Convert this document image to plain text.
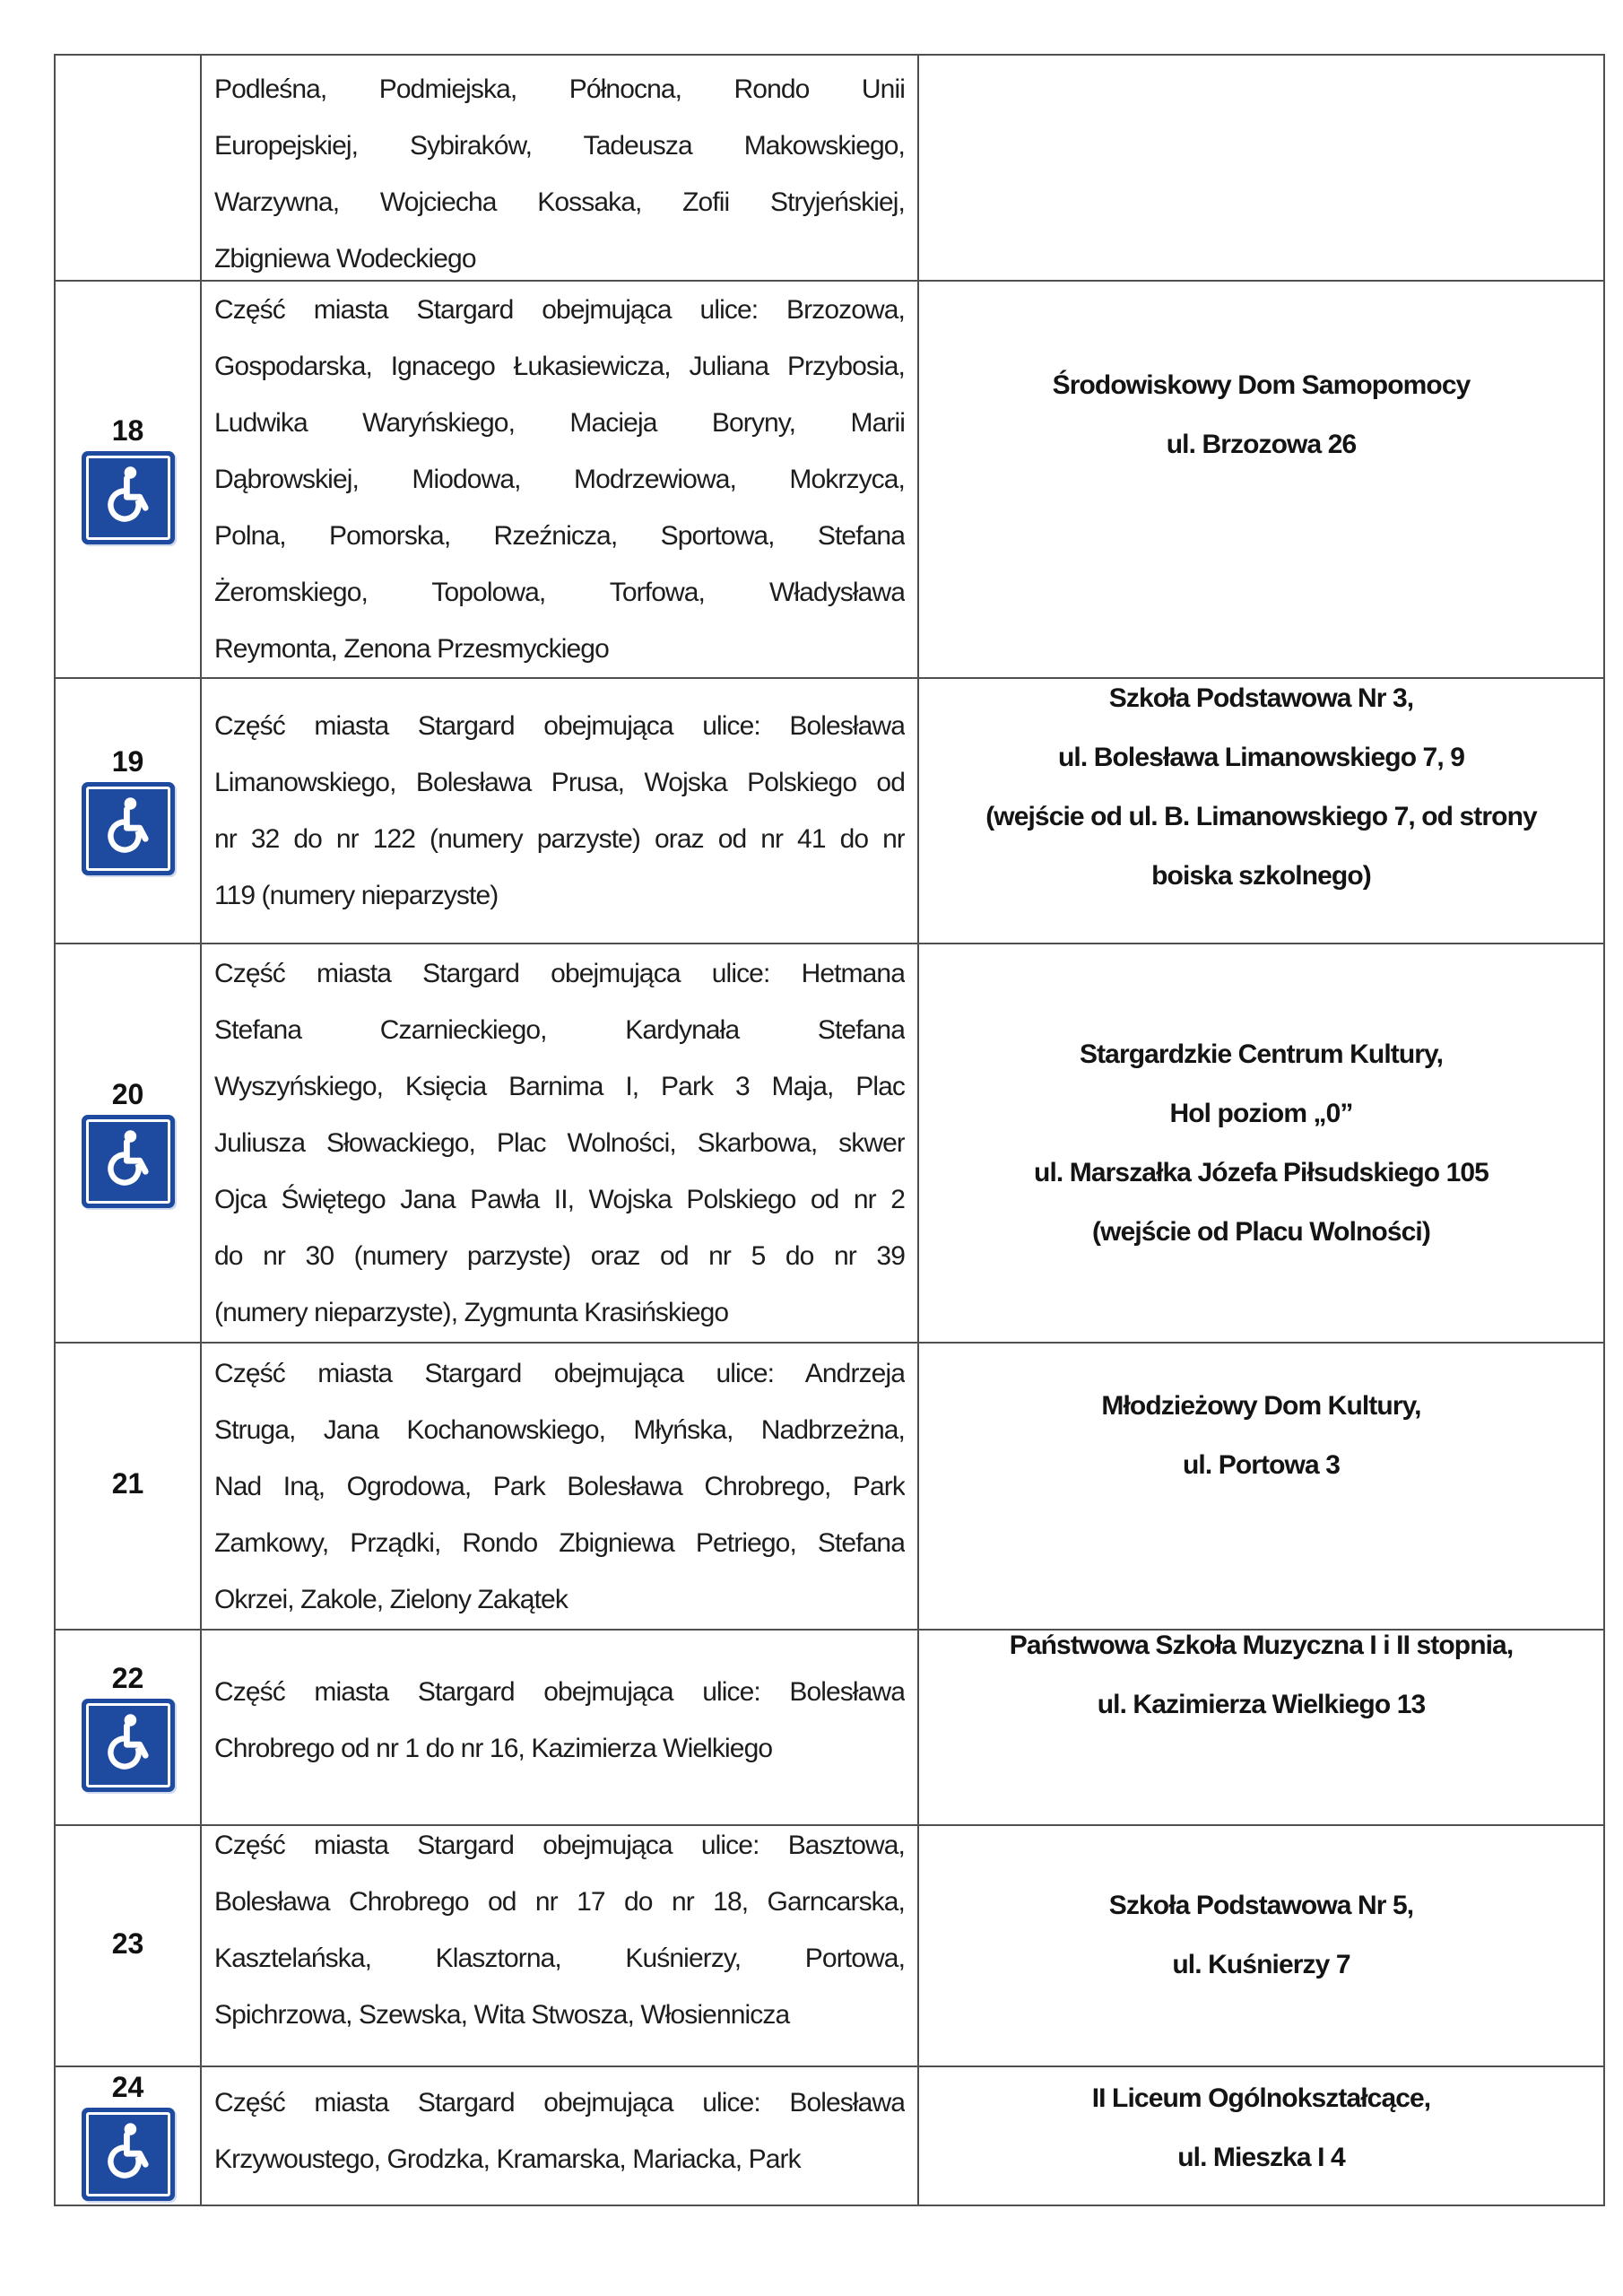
Podleśna, Podmiejska, Północna, Rondo Unii
Europejskiej, Sybiraków, Tadeusza Makowskiego,
Warzywna, Wojciecha Kossaka, Zofii Stryjeńskiej,
Zbigniewa Wodeckiego
18
Część miasta Stargard obejmująca ulice: Brzozowa,
Gospodarska, Ignacego Łukasiewicza, Juliana Przybosia,
Ludwika Waryńskiego, Macieja Boryny, Marii
Dąbrowskiej, Miodowa, Modrzewiowa, Mokrzyca,
Polna, Pomorska, Rzeźnicza, Sportowa, Stefana
Żeromskiego, Topolowa, Torfowa, Władysława
Reymonta, Zenona Przesmyckiego
Środowiskowy Dom Samopomocy
ul. Brzozowa 26
19
Część miasta Stargard obejmująca ulice: Bolesława
Limanowskiego, Bolesława Prusa, Wojska Polskiego od
nr 32 do nr 122 (numery parzyste) oraz od nr 41 do nr
119 (numery nieparzyste)
Szkoła Podstawowa Nr 3,
ul. Bolesława Limanowskiego 7, 9
(wejście od ul. B. Limanowskiego 7, od strony
boiska szkolnego)
20
Część miasta Stargard obejmująca ulice: Hetmana
Stefana Czarnieckiego, Kardynała Stefana
Wyszyńskiego, Księcia Barnima I, Park 3 Maja, Plac
Juliusza Słowackiego, Plac Wolności, Skarbowa, skwer
Ojca Świętego Jana Pawła II, Wojska Polskiego od nr 2
do nr 30 (numery parzyste) oraz od nr 5 do nr 39
(numery nieparzyste), Zygmunta Krasińskiego
Stargardzkie Centrum Kultury,
Hol poziom „0”
ul. Marszałka Józefa Piłsudskiego 105
(wejście od Placu Wolności)
21
Część miasta Stargard obejmująca ulice: Andrzeja
Struga, Jana Kochanowskiego, Młyńska, Nadbrzeżna,
Nad Iną, Ogrodowa, Park Bolesława Chrobrego, Park
Zamkowy, Prządki, Rondo Zbigniewa Petriego, Stefana
Okrzei, Zakole, Zielony Zakątek
Młodzieżowy Dom Kultury,
ul. Portowa 3
22	Część miasta Stargard obejmująca ulice: Bolesława
Chrobrego od nr 1 do nr 16, Kazimierza Wielkiego
Państwowa Szkoła Muzyczna I i II stopnia,
ul. Kazimierza Wielkiego 13
23
Część miasta Stargard obejmująca ulice: Basztowa,
Bolesława Chrobrego od nr 17 do nr 18, Garncarska,
Kasztelańska, Klasztorna, Kuśnierzy, Portowa,
Spichrzowa, Szewska, Wita Stwosza, Włosiennicza
Szkoła Podstawowa Nr 5,
ul. Kuśnierzy 7
24	Część miasta Stargard obejmująca ulice: Bolesława
Krzywoustego, Grodzka, Kramarska, Mariacka, Park
II Liceum Ogólnokształcące,
ul. Mieszka I 4
